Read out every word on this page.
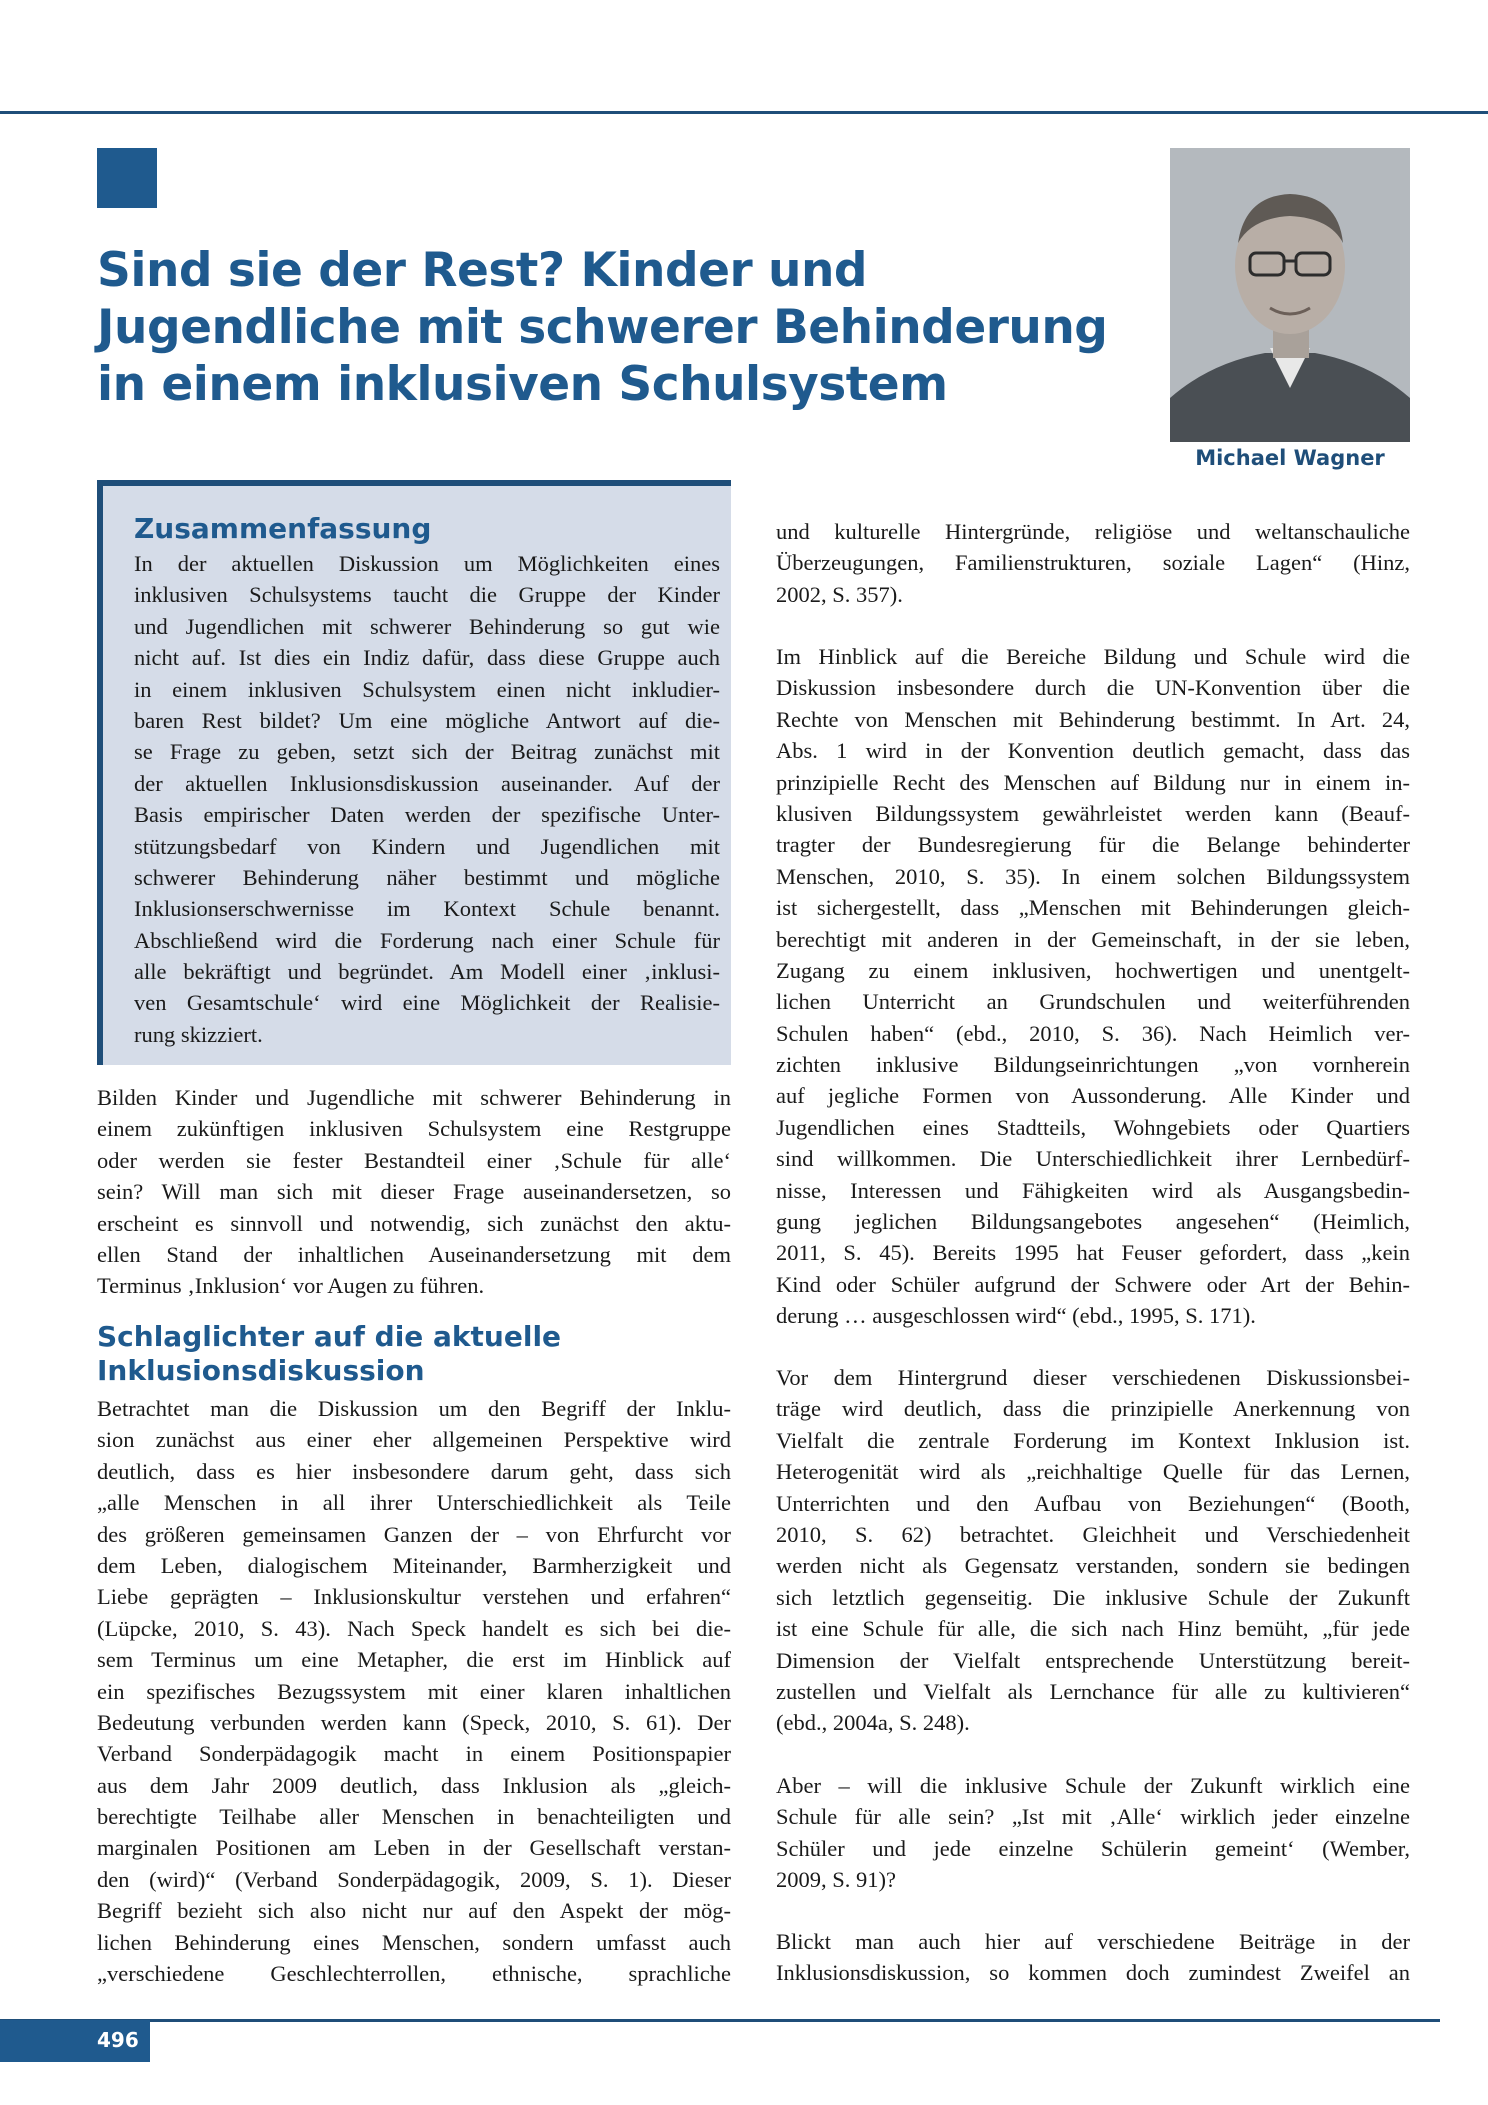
Sind sie der Rest? Kinder und
Jugendliche mit schwerer Behinderung
in einem inklusiven Schulsystem
Michael Wagner
Zusammenfassung
In der aktuellen Diskussion um Möglichkeiten eines
inklusiven Schulsystems taucht die Gruppe der Kinder
und Jugendlichen mit schwerer Behinderung so gut wie
nicht auf. Ist dies ein Indiz dafür, dass diese Gruppe auch
in einem inklusiven Schulsystem einen nicht inkludier-
baren Rest bildet? Um eine mögliche Antwort auf die-
se Frage zu geben, setzt sich der Beitrag zunächst mit
der aktuellen Inklusionsdiskussion auseinander. Auf der
Basis empirischer Daten werden der spezifische Unter-
stützungsbedarf von Kindern und Jugendlichen mit
schwerer Behinderung näher bestimmt und mögliche
Inklusionserschwernisse im Kontext Schule benannt.
Abschließend wird die Forderung nach einer Schule für
alle bekräftigt und begründet. Am Modell einer ‚inklusi-
ven Gesamtschule‘ wird eine Möglichkeit der Realisie-
rung skizziert.
Bilden Kinder und Jugendliche mit schwerer Behinderung in
einem zukünftigen inklusiven Schulsystem eine Restgruppe
oder werden sie fester Bestandteil einer ‚Schule für alle‘
sein? Will man sich mit dieser Frage auseinandersetzen, so
erscheint es sinnvoll und notwendig, sich zunächst den aktu-
ellen Stand der inhaltlichen Auseinandersetzung mit dem
Terminus ‚Inklusion‘ vor Augen zu führen.
Schlaglichter auf die aktuelle
Inklusionsdiskussion
Betrachtet man die Diskussion um den Begriff der Inklu-
sion zunächst aus einer eher allgemeinen Perspektive wird
deutlich, dass es hier insbesondere darum geht, dass sich
„alle Menschen in all ihrer Unterschiedlichkeit als Teile
des größeren gemeinsamen Ganzen der – von Ehrfurcht vor
dem Leben, dialogischem Miteinander, Barmherzigkeit und
Liebe geprägten – Inklusionskultur verstehen und erfahren“
(Lüpcke, 2010, S. 43). Nach Speck handelt es sich bei die-
sem Terminus um eine Metapher, die erst im Hinblick auf
ein spezifisches Bezugssystem mit einer klaren inhaltlichen
Bedeutung verbunden werden kann (Speck, 2010, S. 61). Der
Verband Sonderpädagogik macht in einem Positionspapier
aus dem Jahr 2009 deutlich, dass Inklusion als „gleich-
berechtigte Teilhabe aller Menschen in benachteiligten und
marginalen Positionen am Leben in der Gesellschaft verstan-
den (wird)“ (Verband Sonderpädagogik, 2009, S. 1). Dieser
Begriff bezieht sich also nicht nur auf den Aspekt der mög-
lichen Behinderung eines Menschen, sondern umfasst auch
„verschiedene Geschlechterrollen, ethnische, sprachliche
und kulturelle Hintergründe, religiöse und weltanschauliche
Überzeugungen, Familienstrukturen, soziale Lagen“ (Hinz,
2002, S. 357).
Im Hinblick auf die Bereiche Bildung und Schule wird die
Diskussion insbesondere durch die UN-Konvention über die
Rechte von Menschen mit Behinderung bestimmt. In Art. 24,
Abs. 1 wird in der Konvention deutlich gemacht, dass das
prinzipielle Recht des Menschen auf Bildung nur in einem in-
klusiven Bildungssystem gewährleistet werden kann (Beauf-
tragter der Bundesregierung für die Belange behinderter
Menschen, 2010, S. 35). In einem solchen Bildungssystem
ist sichergestellt, dass „Menschen mit Behinderungen gleich-
berechtigt mit anderen in der Gemeinschaft, in der sie leben,
Zugang zu einem inklusiven, hochwertigen und unentgelt-
lichen Unterricht an Grundschulen und weiterführenden
Schulen haben“ (ebd., 2010, S. 36). Nach Heimlich ver-
zichten inklusive Bildungseinrichtungen „von vornherein
auf jegliche Formen von Aussonderung. Alle Kinder und
Jugendlichen eines Stadtteils, Wohngebiets oder Quartiers
sind willkommen. Die Unterschiedlichkeit ihrer Lernbedürf-
nisse, Interessen und Fähigkeiten wird als Ausgangsbedin-
gung jeglichen Bildungsangebotes angesehen“ (Heimlich,
2011, S. 45). Bereits 1995 hat Feuser gefordert, dass „kein
Kind oder Schüler aufgrund der Schwere oder Art der Behin-
derung … ausgeschlossen wird“ (ebd., 1995, S. 171).
Vor dem Hintergrund dieser verschiedenen Diskussionsbei-
träge wird deutlich, dass die prinzipielle Anerkennung von
Vielfalt die zentrale Forderung im Kontext Inklusion ist.
Heterogenität wird als „reichhaltige Quelle für das Lernen,
Unterrichten und den Aufbau von Beziehungen“ (Booth,
2010, S. 62) betrachtet. Gleichheit und Verschiedenheit
werden nicht als Gegensatz verstanden, sondern sie bedingen
sich letztlich gegenseitig. Die inklusive Schule der Zukunft
ist eine Schule für alle, die sich nach Hinz bemüht, „für jede
Dimension der Vielfalt entsprechende Unterstützung bereit-
zustellen und Vielfalt als Lernchance für alle zu kultivieren“
(ebd., 2004a, S. 248).
Aber – will die inklusive Schule der Zukunft wirklich eine
Schule für alle sein? „Ist mit ‚Alle‘ wirklich jeder einzelne
Schüler und jede einzelne Schülerin gemeint‘ (Wember,
2009, S. 91)?
Blickt man auch hier auf verschiedene Beiträge in der
Inklusionsdiskussion, so kommen doch zumindest Zweifel an
496
